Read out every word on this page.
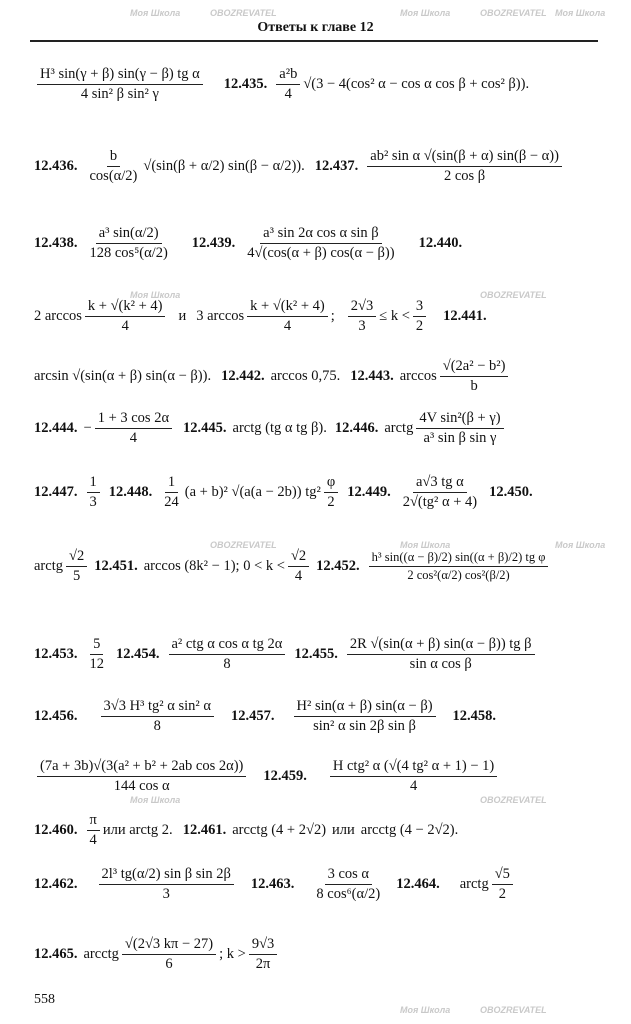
Ответы к главе 12
Моя Школа	OBOZREVATEL	Моя Школа	OBOZREVATEL Моя Школа
Моя Школа	OBOZREVATEL
OBOZREVATEL	Моя Школа	Моя Школа
Моя Школа	OBOZREVATEL
Моя Школа	OBOZREVATEL
$\frac{\text{H³ sin(γ + β) sin(γ − β) tg α}}{\text{4 sin² β sin² γ}} 12.435$. $\frac{\text{a²b}}{4} √(3 - 4(\cos^2$ α − cos α cos β + cos² β)).
12.436. $\frac{b}{\cos(\alpha/2)} √(\sin(\beta + \alpha/2) \sin(\beta - \alpha/2))$. 12.437. $\frac{\text{ab² sin α √(sin(β + α) sin(β − α))}}{\text{2 cos β}}$
12.438. $\frac{\text{a³ sin(α/2)}}{\text{128 cos⁵(α/2)}} 12.439$. $\frac{\text{a³ sin 2α cos α sin β}}{4√(\cos(\alpha + \beta) \cos(\alpha - \beta))} 12.440$.
2 $\arccos \frac{\text{k + √(k² + 4)}}{4}$ и 3 $\arccos \frac{\text{k + √(k² + 4)}}{4}$ ; $\frac{2√3}{3} \le k < \frac{3}{2} 12.441$.
arcsin √(sin(α + β) sin(α − β)). 12.442. arccos 0,75. 12.443. $\arccos \frac{\text{√(2a² − b²)}}{b}$
12.444. − $\frac{1 + 3 \cos 2\alpha}{4} 12.445$. arctg (tg α tg β). 12.446. arctg $\frac{\text{4V sin²(β + γ)}}{\text{a³ sin β sin γ}}$
12.447. $\frac{1}{3} 12.448$. $\frac{1}{24} (a + b)^2$ √(a(a − 2b)) $tg^2 \frac{\varphi}{2} 12.449$. $\frac{\text{a√3 tg α}}{\text{2√(tg² α + 4)}} 12.450$.
arctg $\frac{√2}{5} 12.451$. arccos (8k² − 1); $0 < k < \frac{√2}{4} 12.452$. $\frac{\text{h³ sin((α − β)/2) sin((α + β)/2) tg φ}}{\text{2 cos²(α/2) cos²(β/2)}}$
12.453. $\frac{5}{12} 12.454$. $\frac{\text{a² ctg α cos α tg 2α}}{8} 12.455$. $\frac{\text{2R √(sin(α + β) sin(α − β)) tg β}}{\text{sin α cos β}}$
12.456. $\frac{\text{3√3 H³ tg² α sin² α}}{8} 12.457$. $\frac{\text{H² sin(α + β) sin(α − β)}}{\text{sin² α sin 2β sin β}} 12.458$.
$\frac{\text{(7a + 3b)√(3(a² + b² + 2ab cos 2α))}}{\text{144 cos α}} 12.459$. $\frac{\text{H ctg² α (√(4 tg² α + 1) − 1)}}{4}$
12.460. $\frac{\pi}{4}$ или arctg 2. 12.461. arcctg (4 + 2√2) или arcctg (4 − 2√2).
12.462. $\frac{\text{2l³ tg(α/2) sin β sin 2β}}{3} 12.463$. $\frac{\text{3 cos α}}{\text{8 cos⁶(α/2)}} 12.464$. arctg $\frac{√5}{2}$
12.465. arcctg $\frac{√(2√3 k\pi - 27)}{6}$ ; $k > \frac{9√3}{2\pi}$
558
